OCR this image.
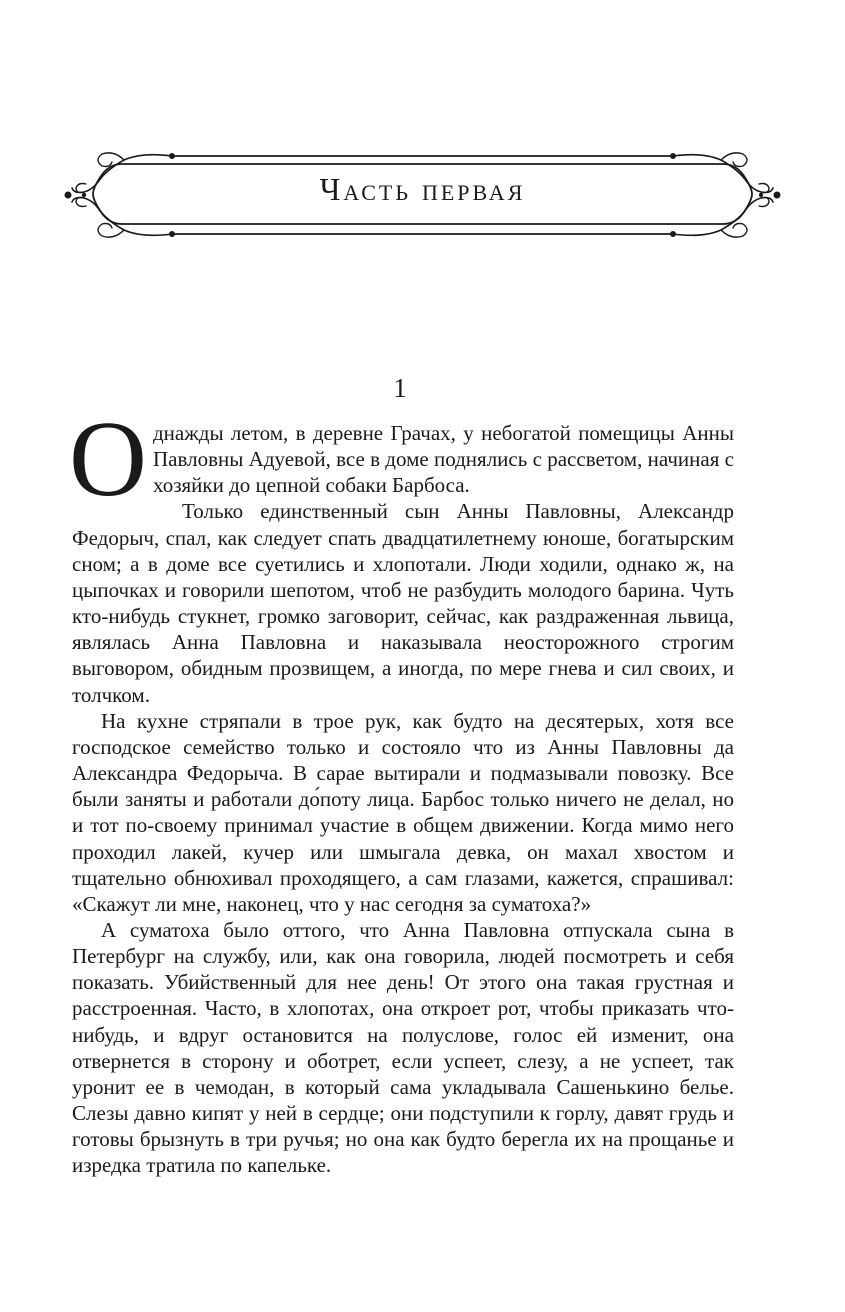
Часть первая
1

Однажды летом, в деревне Грачах, у небогатой помещицы Анны Павловны Адуевой, все в доме поднялись с рассветом, начиная с хозяйки до цепной собаки Барбоса.

Только единственный сын Анны Павловны, Александр Федорыч, спал, как следует спать двадцатилетнему юноше, богатырским сном; а в доме все суетились и хлопотали. Люди ходили, однако ж, на цыпочках и говорили шепотом, чтоб не разбудить молодого барина. Чуть кто-нибудь стукнет, громко заговорит, сейчас, как раздраженная львица, являлась Анна Павловна и наказывала неосторожного строгим выговором, обидным прозвищем, а иногда, по мере гнева и сил своих, и толчком.

На кухне стряпали в трое рук, как будто на десятерых, хотя все господское семейство только и состояло что из Анны Павловны да Александра Федорыча. В сарае вытирали и подмазывали повозку. Все были заняты и работали до́поту лица. Барбос только ничего не делал, но и тот по-своему принимал участие в общем движении. Когда мимо него проходил лакей, кучер или шмыгала девка, он махал хвостом и тщательно обнюхивал проходящего, а сам глазами, кажется, спрашивал: «Скажут ли мне, наконец, что у нас сегодня за суматоха?»

А суматоха было оттого, что Анна Павловна отпускала сына в Петербург на службу, или, как она говорила, людей посмотреть и себя показать. Убийственный для нее день! От этого она такая грустная и расстроенная. Часто, в хлопотах, она откроет рот, чтобы приказать что-нибудь, и вдруг остановится на полуслове, голос ей изменит, она отвернется в сторону и оботрет, если успеет, слезу, а не успеет, так уронит ее в чемодан, в который сама укладывала Сашенькино белье. Слезы давно кипят у ней в сердце; они подступили к горлу, давят грудь и готовы брызнуть в три ручья; но она как будто берегла их на прощанье и изредка тратила по капельке.
